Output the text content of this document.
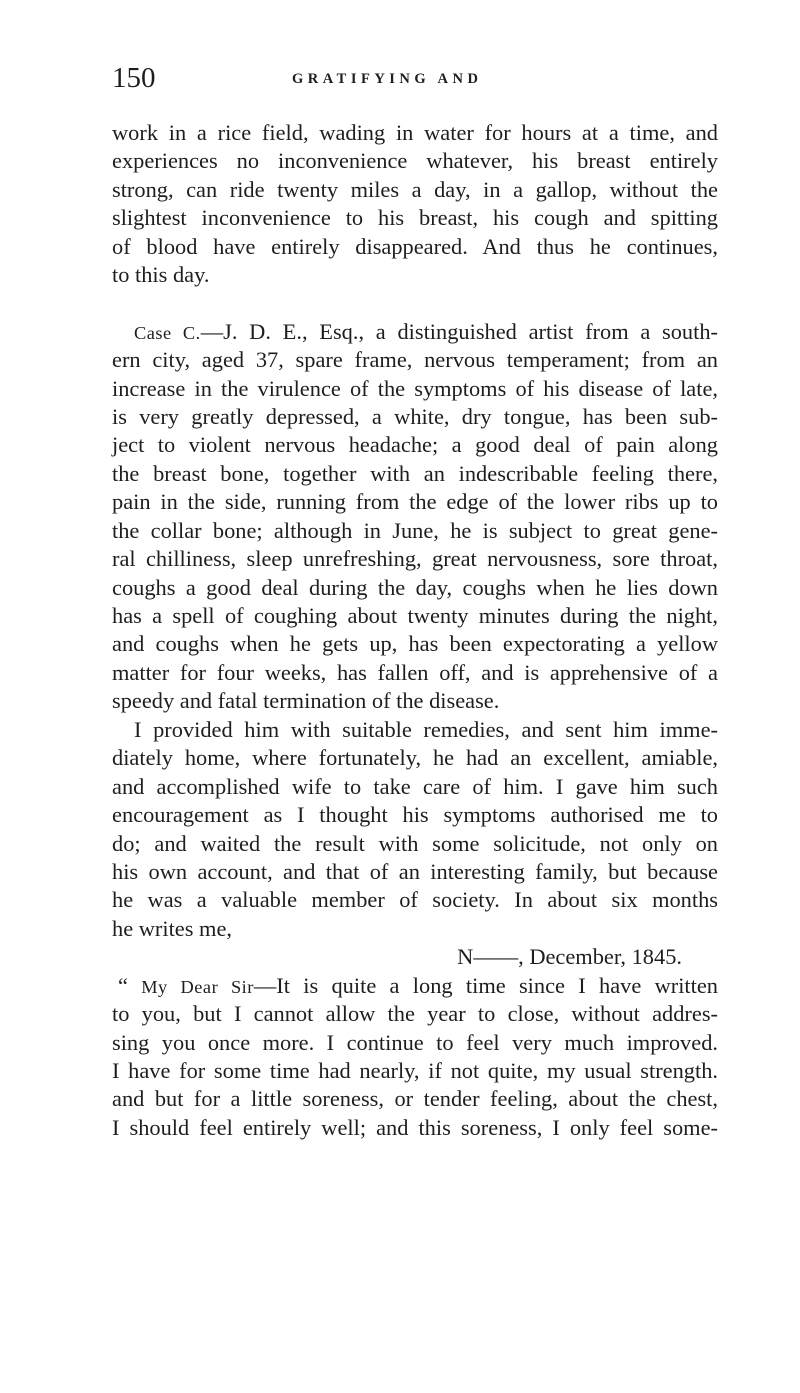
150	GRATIFYING AND
work in a rice field, wading in water for hours at a time, and
experiences no inconvenience whatever, his breast entirely
strong, can ride twenty miles a day, in a gallop, without the
slightest inconvenience to his breast, his cough and spitting
of blood have entirely disappeared. And thus he continues,
to this day.
Case C.—J. D. E., Esq., a distinguished artist from a south-
ern city, aged 37, spare frame, nervous temperament; from an
increase in the virulence of the symptoms of his disease of late,
is very greatly depressed, a white, dry tongue, has been sub-
ject to violent nervous headache; a good deal of pain along
the breast bone, together with an indescribable feeling there,
pain in the side, running from the edge of the lower ribs up to
the collar bone; although in June, he is subject to great gene-
ral chilliness, sleep unrefreshing, great nervousness, sore throat,
coughs a good deal during the day, coughs when he lies down
has a spell of coughing about twenty minutes during the night,
and coughs when he gets up, has been expectorating a yellow
matter for four weeks, has fallen off, and is apprehensive of a
speedy and fatal termination of the disease.
I provided him with suitable remedies, and sent him imme-
diately home, where fortunately, he had an excellent, amiable,
and accomplished wife to take care of him. I gave him such
encouragement as I thought his symptoms authorised me to
do; and waited the result with some solicitude, not only on
his own account, and that of an interesting family, but because
he was a valuable member of society. In about six months
he writes me,
N——, December, 1845.
“ My Dear Sir—It is quite a long time since I have written
to you, but I cannot allow the year to close, without addres-
sing you once more. I continue to feel very much improved.
I have for some time had nearly, if not quite, my usual strength.
and but for a little soreness, or tender feeling, about the chest,
I should feel entirely well; and this soreness, I only feel some-
